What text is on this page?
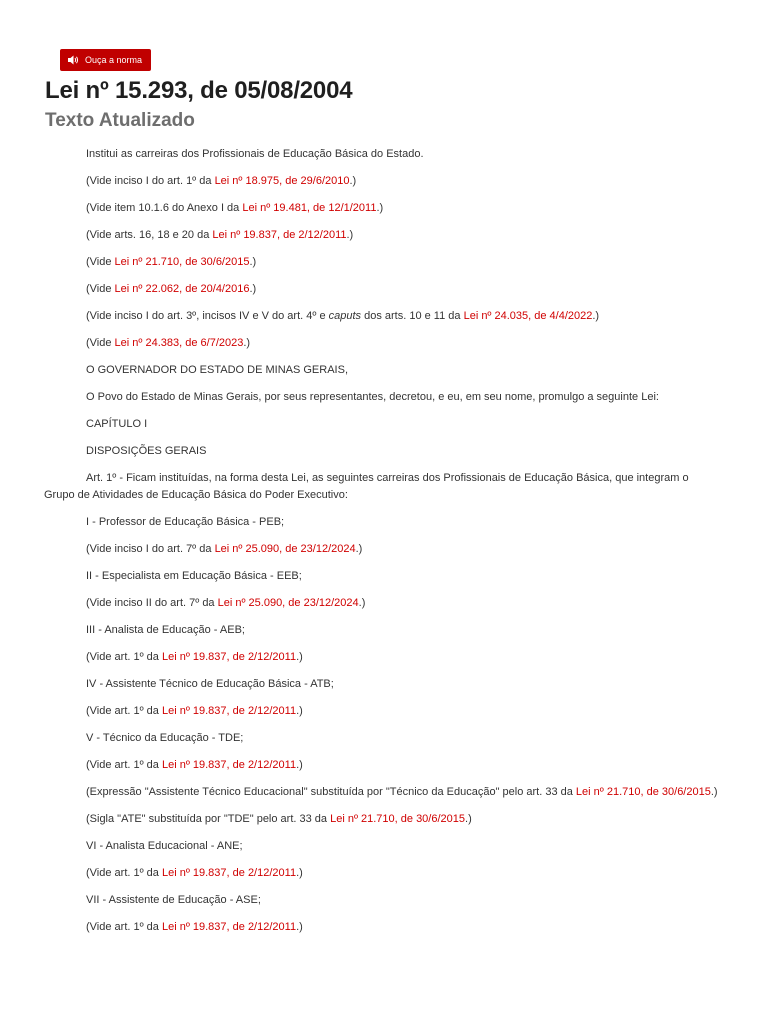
Ouça a norma
Lei nº 15.293, de 05/08/2004
Texto Atualizado

Institui as carreiras dos Profissionais de Educação Básica do Estado.

(Vide inciso I do art. 1º da Lei nº 18.975, de 29/6/2010.)

(Vide item 10.1.6 do Anexo I da Lei nº 19.481, de 12/1/2011.)

(Vide arts. 16, 18 e 20 da Lei nº 19.837, de 2/12/2011.)

(Vide Lei nº 21.710, de 30/6/2015.)

(Vide Lei nº 22.062, de 20/4/2016.)

(Vide inciso I do art. 3º, incisos IV e V do art. 4º e caputs dos arts. 10 e 11 da Lei nº 24.035, de 4/4/2022.)

(Vide Lei nº 24.383, de 6/7/2023.)

O GOVERNADOR DO ESTADO DE MINAS GERAIS,

O Povo do Estado de Minas Gerais, por seus representantes, decretou, e eu, em seu nome, promulgo a seguinte Lei:

CAPÍTULO I

DISPOSIÇÕES GERAIS

Art. 1º - Ficam instituídas, na forma desta Lei, as seguintes carreiras dos Profissionais de Educação Básica, que integram o Grupo de Atividades de Educação Básica do Poder Executivo:

I - Professor de Educação Básica - PEB;

(Vide inciso I do art. 7º da Lei nº 25.090, de 23/12/2024.)

II - Especialista em Educação Básica - EEB;

(Vide inciso II do art. 7º da Lei nº 25.090, de 23/12/2024.)

III - Analista de Educação - AEB;

(Vide art. 1º da Lei nº 19.837, de 2/12/2011.)

IV - Assistente Técnico de Educação Básica - ATB;

(Vide art. 1º da Lei nº 19.837, de 2/12/2011.)

V - Técnico da Educação - TDE;

(Vide art. 1º da Lei nº 19.837, de 2/12/2011.)

(Expressão "Assistente Técnico Educacional" substituída por "Técnico da Educação" pelo art. 33 da Lei nº 21.710, de 30/6/2015.)

(Sigla "ATE" substituída por "TDE" pelo art. 33 da Lei nº 21.710, de 30/6/2015.)

VI - Analista Educacional - ANE;

(Vide art. 1º da Lei nº 19.837, de 2/12/2011.)

VII - Assistente de Educação - ASE;

(Vide art. 1º da Lei nº 19.837, de 2/12/2011.)
